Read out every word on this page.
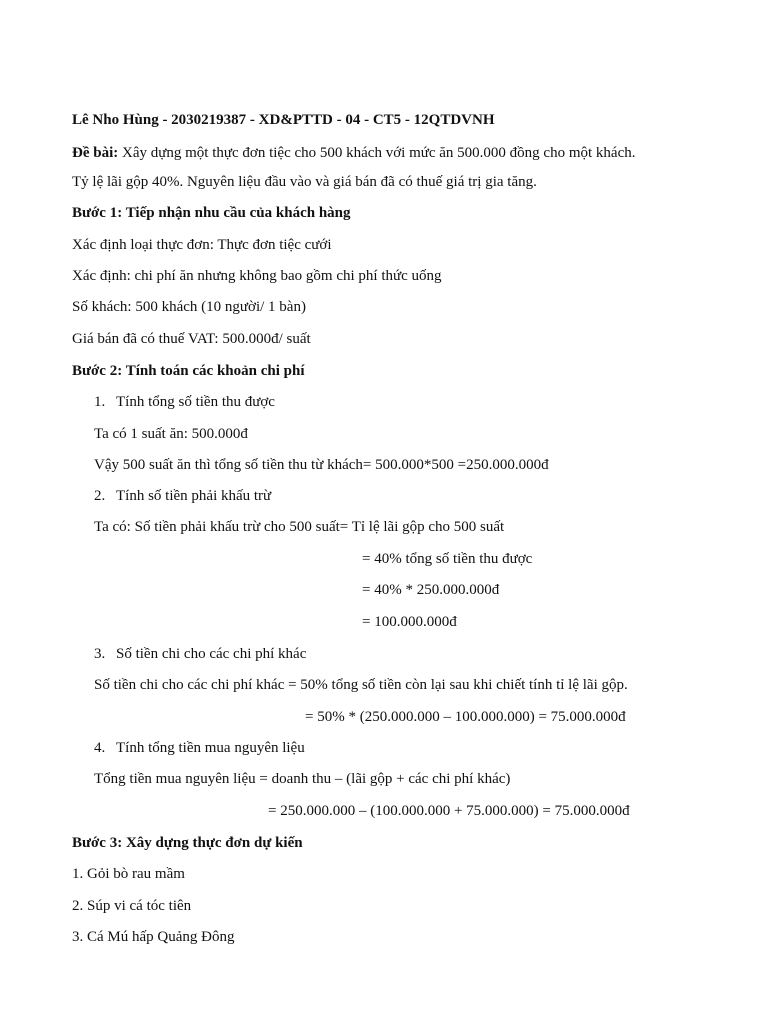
Lê Nho Hùng - 2030219387 - XD&PTTD - 04 - CT5 - 12QTDVNH
Đề bài: Xây dựng một thực đơn tiệc cho 500 khách với mức ăn 500.000 đồng cho một khách.
Tỷ lệ lãi gộp 40%. Nguyên liệu đầu vào và giá bán đã có thuế giá trị gia tăng.
Bước 1: Tiếp nhận nhu cầu của khách hàng
Xác định loại thực đơn: Thực đơn tiệc cưới
Xác định: chi phí ăn nhưng không bao gồm chi phí thức uống
Số khách: 500 khách (10 người/ 1 bàn)
Giá bán đã có thuế VAT: 500.000đ/ suất
Bước 2: Tính toán các khoản chi phí
1. Tính tổng số tiền thu được
Ta có 1 suất ăn: 500.000đ
Vậy 500 suất ăn thì tổng số tiền thu từ khách= 500.000*500 =250.000.000đ
2. Tính số tiền phải khấu trừ
Ta có: Số tiền phải khấu trừ cho 500 suất= Tỉ lệ lãi gộp cho 500 suất
= 40% tổng số tiền thu được
= 40% * 250.000.000đ
= 100.000.000đ
3. Số tiền chi cho các chi phí khác
Số tiền chi cho các chi phí khác = 50% tổng số tiền còn lại sau khi chiết tính tỉ lệ lãi gộp.
= 50% * (250.000.000 – 100.000.000) = 75.000.000đ
4. Tính tổng tiền mua nguyên liệu
Tổng tiền mua nguyên liệu = doanh thu – (lãi gộp + các chi phí khác)
= 250.000.000 – (100.000.000 + 75.000.000) = 75.000.000đ
Bước 3: Xây dựng thực đơn dự kiến
1. Gỏi bò rau mầm
2. Súp vi cá tóc tiên
3. Cá Mú hấp Quảng Đông
